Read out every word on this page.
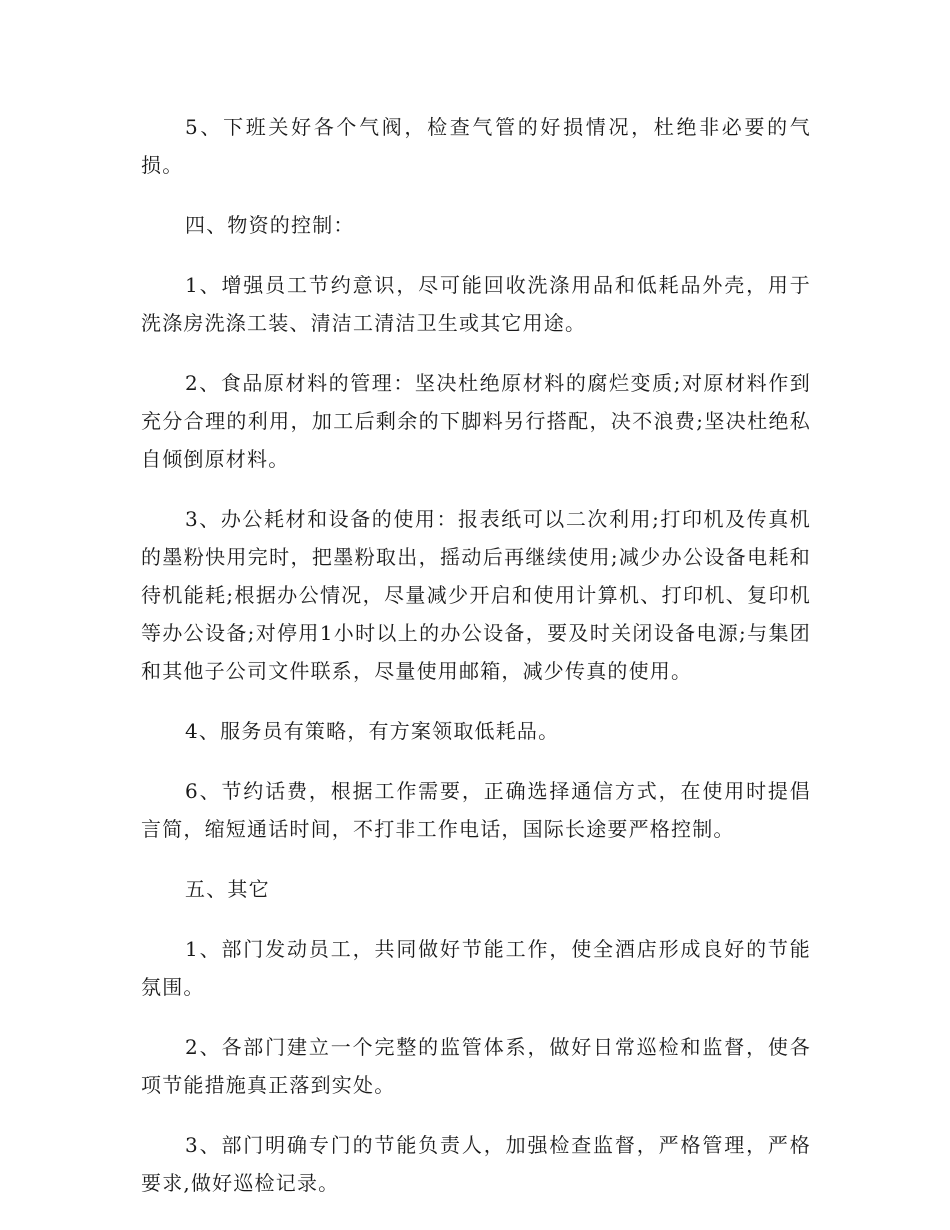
5、下班关好各个气阀，检查气管的好损情况，杜绝非必要的气损。

四、物资的控制：

1、增强员工节约意识，尽可能回收洗涤用品和低耗品外壳，用于洗涤房洗涤工装、清洁工清洁卫生或其它用途。

2、食品原材料的管理：坚决杜绝原材料的腐烂变质;对原材料作到充分合理的利用，加工后剩余的下脚料另行搭配，决不浪费;坚决杜绝私自倾倒原材料。

3、办公耗材和设备的使用：报表纸可以二次利用;打印机及传真机的墨粉快用完时，把墨粉取出，摇动后再继续使用;减少办公设备电耗和待机能耗;根据办公情况，尽量减少开启和使用计算机、打印机、复印机等办公设备;对停用1小时以上的办公设备，要及时关闭设备电源;与集团和其他子公司文件联系，尽量使用邮箱，减少传真的使用。

4、服务员有策略，有方案领取低耗品。

6、节约话费，根据工作需要，正确选择通信方式，在使用时提倡言简，缩短通话时间，不打非工作电话，国际长途要严格控制。

五、其它

1、部门发动员工，共同做好节能工作，使全酒店形成良好的节能氛围。

2、各部门建立一个完整的监管体系，做好日常巡检和监督，使各项节能措施真正落到实处。

3、部门明确专门的节能负责人，加强检查监督，严格管理，严格要求,做好巡检记录。
